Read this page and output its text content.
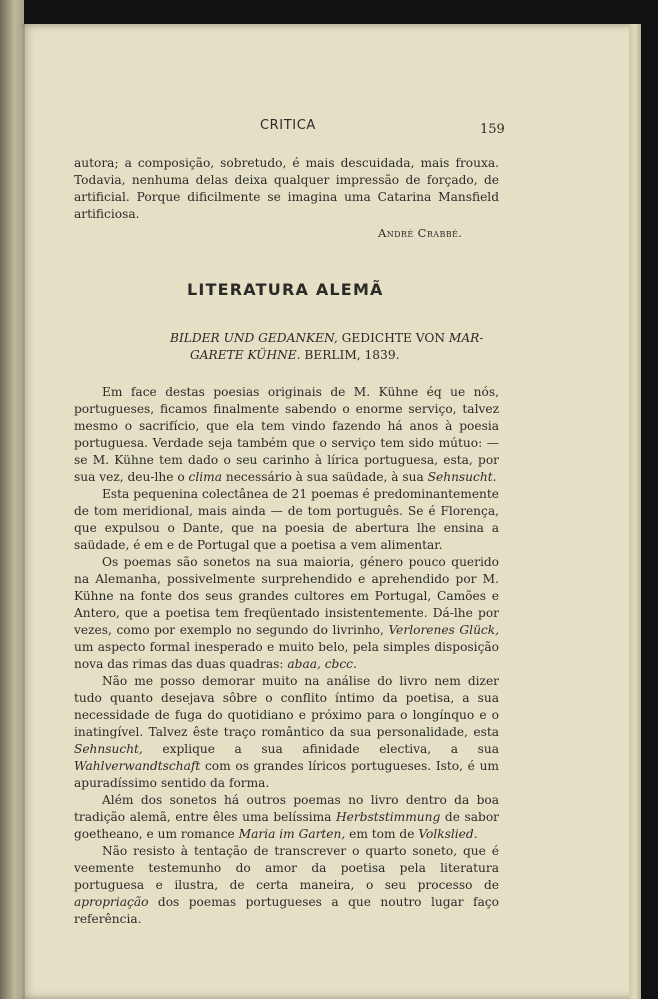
CRITICA	159

autora; a composição, sobretudo, é mais descuidada, mais frouxa. Todavia, nenhuma delas deixa qualquer impressão de forçado, de artificial. Porque dificilmente se imagina uma Catarina Mansfield artificiosa.

André Crabbé.
LITERATURA ALEMÃ
BILDER UND GEDANKEN, GEDICHTE VON MAR-
GARETE KÜHNE. BERLIM, 1839.

Em face destas poesias originais de M. Kühne éq ue nós, portugueses, ficamos finalmente sabendo o enorme serviço, talvez mesmo o sacrifício, que ela tem vindo fazendo há anos à poesia portuguesa. Verdade seja também que o serviço tem sido mútuo: — se M. Kühne tem dado o seu carinho à lírica portuguesa, esta, por sua vez, deu-lhe o clima necessário à sua saüdade, à sua Sehnsucht.

Esta pequenina colectânea de 21 poemas é predominantemente de tom meridional, mais ainda — de tom português. Se é Florença, que expulsou o Dante, que na poesia de abertura lhe ensina a saüdade, é em e de Portugal que a poetisa a vem alimentar.

Os poemas são sonetos na sua maioria, género pouco querido na Alemanha, possivelmente surprehendido e aprehendido por M. Kühne na fonte dos seus grandes cultores em Portugal, Camões e Antero, que a poetisa tem freqüentado insistentemente. Dá-lhe por vezes, como por exemplo no segundo do livrinho, Verlorenes Glück, um aspecto formal inesperado e muito belo, pela simples disposição nova das rimas das duas quadras: abaa, cbcc.

Não me posso demorar muito na análise do livro nem dizer tudo quanto desejava sôbre o conflito íntimo da poetisa, a sua necessidade de fuga do quotidiano e próximo para o longínquo e o inatingível. Talvez êste traço romântico da sua personalidade, esta Sehnsucht, explique a sua afinidade electiva, a sua Wahlverwandtschaft com os grandes líricos portugueses. Isto, é um apuradíssimo sentido da forma.

Além dos sonetos há outros poemas no livro dentro da boa tradição alemã, entre êles uma belíssima Herbststimmung de sabor goetheano, e um romance Maria im Garten, em tom de Volkslied.

Não resisto à tentação de transcrever o quarto soneto, que é veemente testemunho do amor da poetisa pela literatura portuguesa e ilustra, de certa maneira, o seu processo de apropriação dos poemas portugueses a que noutro lugar faço referência.
